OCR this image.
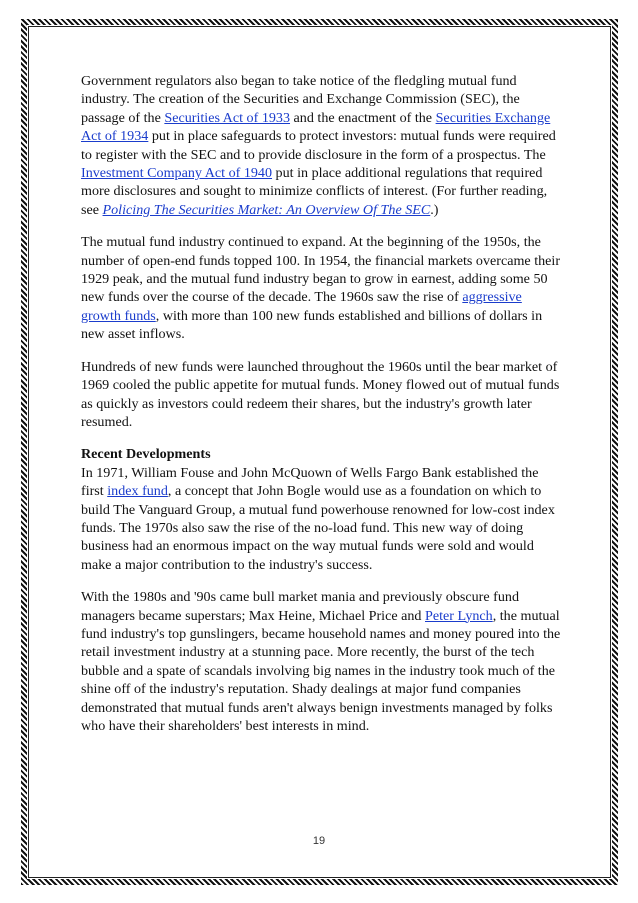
Government regulators also began to take notice of the fledgling mutual fund industry. The creation of the Securities and Exchange Commission (SEC), the passage of the Securities Act of 1933 and the enactment of the Securities Exchange Act of 1934 put in place safeguards to protect investors: mutual funds were required to register with the SEC and to provide disclosure in the form of a prospectus. The Investment Company Act of 1940 put in place additional regulations that required more disclosures and sought to minimize conflicts of interest. (For further reading, see Policing The Securities Market: An Overview Of The SEC.)

The mutual fund industry continued to expand. At the beginning of the 1950s, the number of open-end funds topped 100. In 1954, the financial markets overcame their 1929 peak, and the mutual fund industry began to grow in earnest, adding some 50 new funds over the course of the decade. The 1960s saw the rise of aggressive growth funds, with more than 100 new funds established and billions of dollars in new asset inflows.

Hundreds of new funds were launched throughout the 1960s until the bear market of 1969 cooled the public appetite for mutual funds. Money flowed out of mutual funds as quickly as investors could redeem their shares, but the industry's growth later resumed.

Recent Developments

In 1971, William Fouse and John McQuown of Wells Fargo Bank established the first index fund, a concept that John Bogle would use as a foundation on which to build The Vanguard Group, a mutual fund powerhouse renowned for low-cost index funds. The 1970s also saw the rise of the no-load fund. This new way of doing business had an enormous impact on the way mutual funds were sold and would make a major contribution to the industry's success.

With the 1980s and '90s came bull market mania and previously obscure fund managers became superstars; Max Heine, Michael Price and Peter Lynch, the mutual fund industry's top gunslingers, became household names and money poured into the retail investment industry at a stunning pace. More recently, the burst of the tech bubble and a spate of scandals involving big names in the industry took much of the shine off of the industry's reputation. Shady dealings at major fund companies demonstrated that mutual funds aren't always benign investments managed by folks who have their shareholders' best interests in mind.

19
